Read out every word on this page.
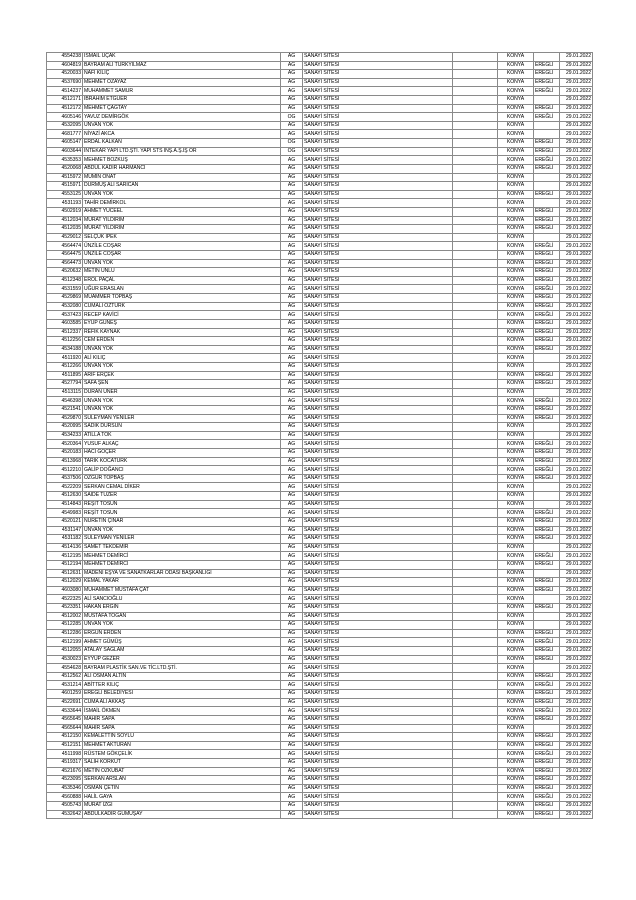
4554238	İSMAİL UÇAK	AG	SANAYİ SİTESİ		KONYA		29.01.2022
4604819	BAYRAM ALİ TÜRKYILMAZ	AG	SANAYİ SİTESİ		KONYA	EREĞLİ	29.01.2022
4520033	NAFİ KILIÇ	AG	SANAYİ SİTESİ		KONYA	EREĞLİ	29.01.2022
4537690	MEHMET ÖZAYAZ	AG	SANAYİ SİTESİ		KONYA	EREĞLİ	29.01.2022
4514237	MUHAMMET SAMUR	AG	SANAYİ SİTESİ		KONYA	EREĞLİ	29.01.2022
4512171	İBRAHİM ETGÜER	AG	SANAYİ SİTESİ		KONYA		29.01.2022
4512172	MEHMET ÇAĞTAY	AG	SANAYİ SİTESİ		KONYA	EREĞLİ	29.01.2022
4605146	YAVUZ DEMİRGÖK	OG	SANAYİ SİTESİ		KONYA	EREĞLİ	29.01.2022
4532095	UNVAN YOK	AG	SANAYİ SİTESİ		KONYA		29.01.2022
4681777	NİYAZİ AKCA	AG	SANAYİ SİTESİ		KONYA		29.01.2022
4605147	ERDAL KALKAN	OG	SANAYİ SİTESİ		KONYA	EREĞLİ	29.01.2022
4603644	İNTEKAR YAPI LTD.ŞTİ. YAPI STS İNŞ.A.Ş.İŞ OR	OG	SANAYİ SİTESİ		KONYA	EREĞLİ	29.01.2022
4535353	MEHMET BOZKUŞ	AG	SANAYİ SİTESİ		KONYA	EREĞLİ	29.01.2022
4520068	ABDÜL KADİR HARMANCI	AG	SANAYİ SİTESİ		KONYA	EREĞLİ	29.01.2022
4515972	MÜMİN ONAT	AG	SANAYİ SİTESİ		KONYA		29.01.2022
4515971	DURMUŞ ALİ SARICAN	AG	SANAYİ SİTESİ		KONYA		29.01.2022
4553125	UNVAN YOK	AG	SANAYİ SİTESİ		KONYA	EREĞLİ	29.01.2022
4531193	TAHİR DEMİRKOL	AG	SANAYİ SİTESİ		KONYA		29.01.2022
4502919	AHMET YÜCEEL	AG	SANAYİ SİTESİ		KONYA	EREĞLİ	29.01.2022
4512034	MURAT YILDIRIM	AG	SANAYİ SİTESİ		KONYA	EREĞLİ	29.01.2022
4512035	MURAT YILDIRIM	AG	SANAYİ SİTESİ		KONYA	EREĞLİ	29.01.2022
4529012	SELÇUK İPEK	AG	SANAYİ SİTESİ		KONYA		29.01.2022
4564474	ÜNZİLE COŞAR	AG	SANAYİ SİTESİ		KONYA	EREĞLİ	29.01.2022
4564475	ÜNZİLE COŞAR	AG	SANAYİ SİTESİ		KONYA	EREĞLİ	29.01.2022
4564473	UNVAN YOK	AG	SANAYİ SİTESİ		KONYA	EREĞLİ	29.01.2022
4520632	METİN ÜNLÜ	AG	SANAYİ SİTESİ		KONYA	EREĞLİ	29.01.2022
4512348	EROL PAÇAL	AG	SANAYİ SİTESİ		KONYA	EREĞLİ	29.01.2022
4531559	UĞUR ERASLAN	AG	SANAYİ SİTESİ		KONYA	EREĞLİ	29.01.2022
4529869	MUAMMER TOPBAŞ	AG	SANAYİ SİTESİ		KONYA	EREĞLİ	29.01.2022
4532080	CUMALI ÖZTÜRK	AG	SANAYİ SİTESİ		KONYA	EREĞLİ	29.01.2022
4537423	RECEP KAVİCİ	AG	SANAYİ SİTESİ		KONYA	EREĞLİ	29.01.2022
4603585	EYÜP GÜNEŞ	AG	SANAYİ SİTESİ		KONYA	EREĞLİ	29.01.2022
4512337	REFİK KAYNAK	AG	SANAYİ SİTESİ		KONYA	EREĞLİ	29.01.2022
4512256	CEM ERDEN	AG	SANAYİ SİTESİ		KONYA	EREĞLİ	29.01.2022
4534188	UNVAN YOK	AG	SANAYİ SİTESİ		KONYA	EREĞLİ	29.01.2022
4511920	ALİ KILIÇ	AG	SANAYİ SİTESİ		KONYA		29.01.2022
4512266	UNVAN YOK	AG	SANAYİ SİTESİ		KONYA		29.01.2022
4511895	ARİF ERÇEK	AG	SANAYİ SİTESİ		KONYA	EREĞLİ	29.01.2022
4527794	SAFA ŞEN	AG	SANAYİ SİTESİ		KONYA	EREĞLİ	29.01.2022
4513115	DURAN ÜNER	AG	SANAYİ SİTESİ		KONYA		29.01.2022
4546398	UNVAN YOK	AG	SANAYİ SİTESİ		KONYA	EREĞLİ	29.01.2022
4521541	UNVAN YOK	AG	SANAYİ SİTESİ		KONYA	EREĞLİ	29.01.2022
4529870	SÜLEYMAN YENİLER	AG	SANAYİ SİTESİ		KONYA	EREĞLİ	29.01.2022
4520995	SADIK DURSUN	AG	SANAYİ SİTESİ		KONYA		29.01.2022
4534233	ATİLLA TOK	AG	SANAYİ SİTESİ		KONYA		29.01.2022
4520364	YUSUF ALKAÇ	AG	SANAYİ SİTESİ		KONYA	EREĞLİ	29.01.2022
4520183	HACI GÖÇER	AG	SANAYİ SİTESİ		KONYA	EREĞLİ	29.01.2022
4513968	TARIK KOCATÜRK	AG	SANAYİ SİTESİ		KONYA	EREĞLİ	29.01.2022
4512210	GALİP DOĞANCI	AG	SANAYİ SİTESİ		KONYA	EREĞLİ	29.01.2022
4537506	ÖZGÜR TOPBAŞ	AG	SANAYİ SİTESİ		KONYA	EREĞLİ	29.01.2022
4522209	SERKAN CEMAL DİKER	AG	SANAYİ SİTESİ		KONYA		29.01.2022
4512630	SAİDE TUZER	AG	SANAYİ SİTESİ		KONYA		29.01.2022
4514843	REŞİT TOSUN	AG	SANAYİ SİTESİ		KONYA		29.01.2022
4549983	REŞİT TOSUN	AG	SANAYİ SİTESİ		KONYA	EREĞLİ	29.01.2022
4520121	NURETİN ÇINAR	AG	SANAYİ SİTESİ		KONYA	EREĞLİ	29.01.2022
4531147	UNVAN YOK	AG	SANAYİ SİTESİ		KONYA	EREĞLİ	29.01.2022
4531182	SÜLEYMAN YENİLER	AG	SANAYİ SİTESİ		KONYA	EREĞLİ	29.01.2022
4514136	SAMET TEKDEMİR	AG	SANAYİ SİTESİ		KONYA		29.01.2022
4512195	MEHMET DEMİRCİ	AG	SANAYİ SİTESİ		KONYA	EREĞLİ	29.01.2022
4512194	MEHMET DEMİRCİ	AG	SANAYİ SİTESİ		KONYA	EREĞLİ	29.01.2022
4512631	MADENİ EŞYA VE SANATKARLAR ODASI BAŞKANLIĞI	AG	SANAYİ SİTESİ		KONYA		29.01.2022
4512029	KEMAL YAKAR	AG	SANAYİ SİTESİ		KONYA	EREĞLİ	29.01.2022
4603080	MUHAMMET MUSTAFA ÇAT	AG	SANAYİ SİTESİ		KONYA	EREĞLİ	29.01.2022
4522325	ALİ SANCIOĞLU	AG	SANAYİ SİTESİ		KONYA		29.01.2022
4523351	HAKAN ERGİN	AG	SANAYİ SİTESİ		KONYA	EREĞLİ	29.01.2022
4512002	MUSTAFA TOGAN	AG	SANAYİ SİTESİ		KONYA		29.01.2022
4512285	UNVAN YOK	AG	SANAYİ SİTESİ		KONYA		29.01.2022
4512286	ERGÜN ERDEN	AG	SANAYİ SİTESİ		KONYA	EREĞLİ	29.01.2022
4512199	AHMET GÜMÜŞ	AG	SANAYİ SİTESİ		KONYA	EREĞLİ	29.01.2022
4512055	ATALAY SAĞLAM	AG	SANAYİ SİTESİ		KONYA	EREĞLİ	29.01.2022
4530023	EYYUP GEZER	AG	SANAYİ SİTESİ		KONYA	EREĞLİ	29.01.2022
4554628	BAYRAM PLASTİK SAN.VE TİC.LTD.ŞTİ.	AG	SANAYİ SİTESİ		KONYA		29.01.2022
4512562	ALİ OSMAN ALTIN	AG	SANAYİ SİTESİ		KONYA	EREĞLİ	29.01.2022
4531214	ABİTTER KILIÇ	AG	SANAYİ SİTESİ		KONYA	EREĞLİ	29.01.2022
4601259	EREĞLİ BELEDİYESİ	AG	SANAYİ SİTESİ		KONYA	EREĞLİ	29.01.2022
4522691	CUMA ALİ AKKAŞ	AG	SANAYİ SİTESİ		KONYA	EREĞLİ	29.01.2022
4533644	İSMAİL ÖKMEN	AG	SANAYİ SİTESİ		KONYA	EREĞLİ	29.01.2022
4565645	MAHİR SAPA	AG	SANAYİ SİTESİ		KONYA	EREĞLİ	29.01.2022
4565644	MAHİR SAPA	AG	SANAYİ SİTESİ		KONYA		29.01.2022
4512150	KEMALETTİN SOYLU	AG	SANAYİ SİTESİ		KONYA	EREĞLİ	29.01.2022
4512151	MEHMET AKTURAN	AG	SANAYİ SİTESİ		KONYA	EREĞLİ	29.01.2022
4511998	RÜSTEM GÖKÇELİK	AG	SANAYİ SİTESİ		KONYA	EREĞLİ	29.01.2022
4519317	SALİH KORKUT	AG	SANAYİ SİTESİ		KONYA	EREĞLİ	29.01.2022
4521676	METİN ÖZKUBAT	AG	SANAYİ SİTESİ		KONYA	EREĞLİ	29.01.2022
4523095	SERKAN ARSLAN	AG	SANAYİ SİTESİ		KONYA	EREĞLİ	29.01.2022
4535346	OSMAN ÇETİN	AG	SANAYİ SİTESİ		KONYA	EREĞLİ	29.01.2022
4560888	HALİL GAYA	AG	SANAYİ SİTESİ		KONYA	EREĞLİ	29.01.2022
4505743	MURAT İZGİ	AG	SANAYİ SİTESİ		KONYA	EREĞLİ	29.01.2022
4532642	ABDULKADİR GÜMÜŞAY	AG	SANAYİ SİTESİ		KONYA	EREĞLİ	29.01.2022
